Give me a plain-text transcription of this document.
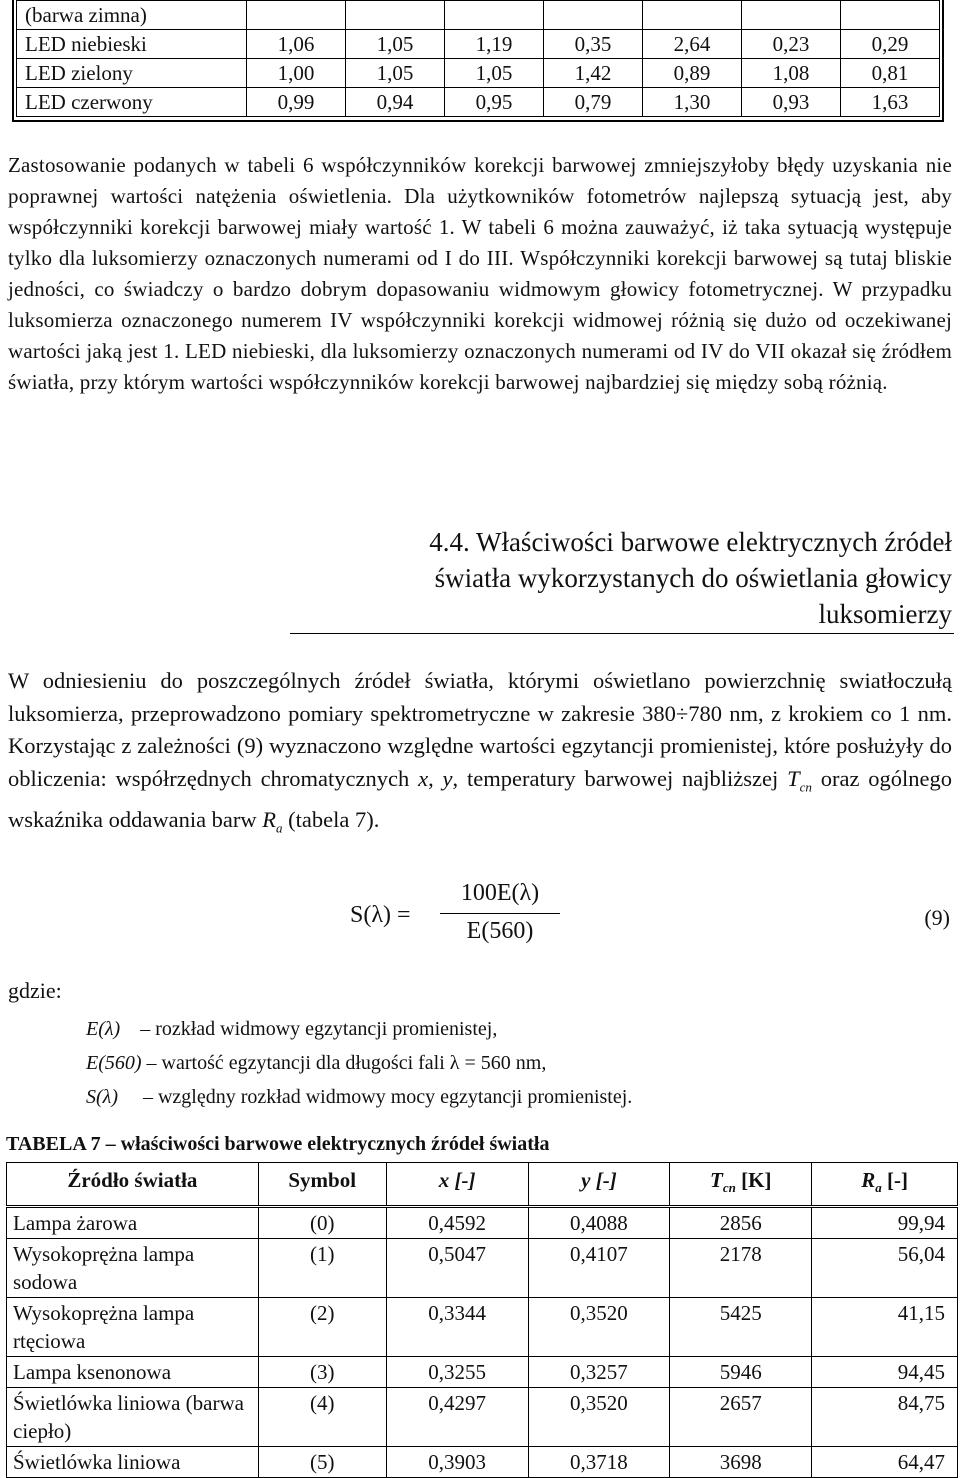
(barwa zimna)							
LED niebieski	1,06	1,05	1,19	0,35	2,64	0,23	0,29
LED zielony	1,00	1,05	1,05	1,42	0,89	1,08	0,81
LED czerwony	0,99	0,94	0,95	0,79	1,30	0,93	1,63

Zastosowanie podanych w tabeli 6 współczynników korekcji barwowej zmniejszyłoby błędy uzyskania nie poprawnej wartości natężenia oświetlenia. Dla użytkowników fotometrów najlepszą sytuacją jest, aby współczynniki korekcji barwowej miały wartość 1. W tabeli 6 można zauważyć, iż taka sytuacją występuje tylko dla luksomierzy oznaczonych numerami od I do III. Współczynniki korekcji barwowej są tutaj bliskie jedności, co świadczy o bardzo dobrym dopasowaniu widmowym głowicy fotometrycznej. W przypadku luksomierza oznaczonego numerem IV współczynniki korekcji widmowej różnią się dużo od oczekiwanej wartości jaką jest 1. LED niebieski, dla luksomierzy oznaczonych numerami od IV do VII okazał się źródłem światła, przy którym wartości współczynników korekcji barwowej najbardziej się między sobą różnią.

4.4. Właściwości barwowe elektrycznych źródeł
światła wykorzystanych do oświetlania głowicy
luksomierzy

W odniesieniu do poszczególnych źródeł światła, którymi oświetlano powierzchnię swiatłoczułą luksomierza, przeprowadzono pomiary spektrometryczne w zakresie 380÷780 nm, z krokiem co 1 nm. Korzystając z zależności (9) wyznaczono względne wartości egzytancji promienistej, które posłużyły do obliczenia: współrzędnych chromatycznych x, y, temperatury barwowej najbliższej $T_{cn}$ oraz ogólnego wskaźnika oddawania barw $R_a$ (tabela 7).

S(λ) =
100E(λ)
E(560)
(9)
gdzie:
E(λ) – rozkład widmowy egzytancji promienistej,
E(560) – wartość egzytancji dla długości fali λ = 560 nm,
S(λ) – względny rozkład widmowy mocy egzytancji promienistej.

TABELA 7 – właściwości barwowe elektrycznych źródeł światła

Źródło światła	Symbol	x [-]	y [-]	$T_{cn}$ [K]	$R_a$ [-]
Lampa żarowa	(0)	0,4592	0,4088	2856	99,94
Wysokoprężna lampa sodowa	(1)	0,5047	0,4107	2178	56,04
Wysokoprężna lampa rtęciowa	(2)	0,3344	0,3520	5425	41,15
Lampa ksenonowa	(3)	0,3255	0,3257	5946	94,45
Świetlówka liniowa (barwa ciepło)	(4)	0,4297	0,3520	2657	84,75
Świetlówka liniowa	(5)	0,3903	0,3718	3698	64,47
